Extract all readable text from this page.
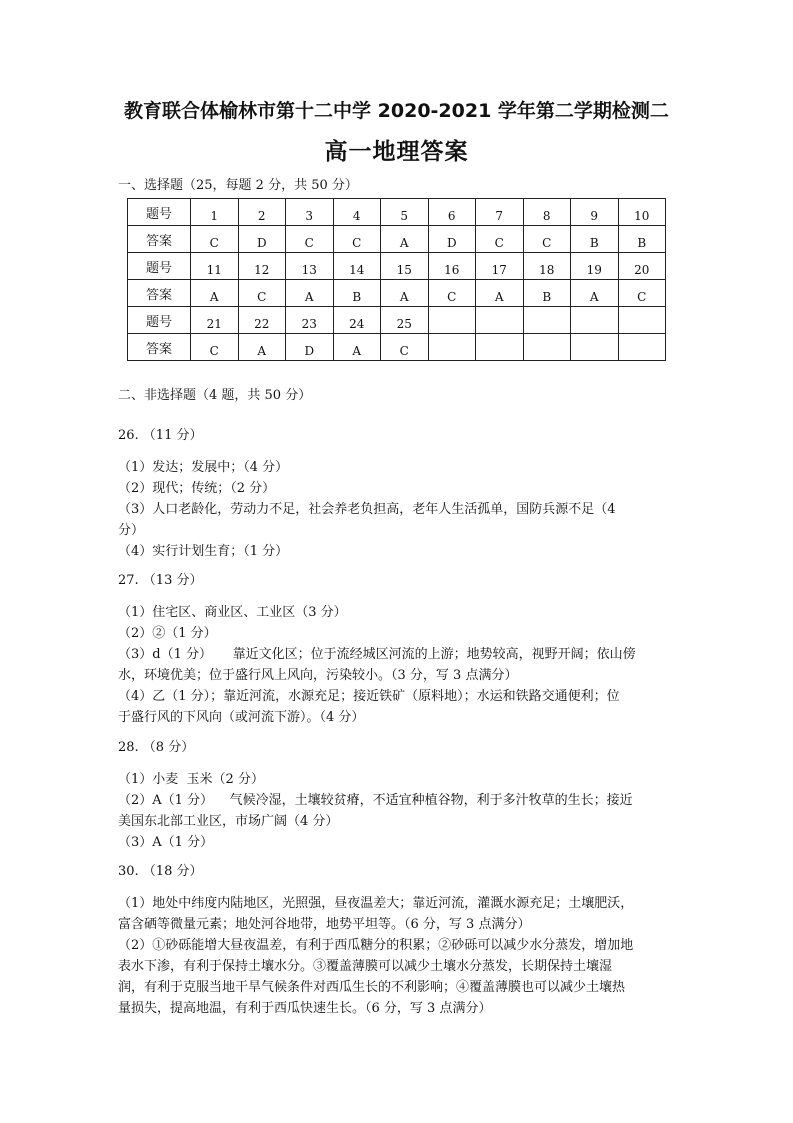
教育联合体榆林市第十二中学 2020-2021 学年第二学期检测二
高一地理答案
一、选择题（25，每题 2 分，共 50 分）
题号	1	2	3	4	5	6	7	8	9	10
答案	C	D	C	C	A	D	C	C	B	B
题号	11	12	13	14	15	16	17	18	19	20
答案	A	C	A	B	A	C	A	B	A	C
题号	21	22	23	24	25					
答案	C	A	D	A	C					
二、非选择题（4 题，共 50 分）
26. （11 分）
（1）发达；发展中；（4 分）
（2）现代；传统；（2 分）
（3）人口老龄化，劳动力不足，社会养老负担高，老年人生活孤单，国防兵源不足（4
分）
（4）实行计划生育；（1 分）
27. （13 分）
（1）住宅区、商业区、工业区（3 分）
（2）②（1 分）
（3）d（1 分）     靠近文化区；位于流经城区河流的上游；地势较高，视野开阔；依山傍
水，环境优美；位于盛行风上风向，污染较小。（3 分，写 3 点满分）
（4）乙（1 分）；靠近河流，水源充足；接近铁矿（原料地）；水运和铁路交通便利；位
于盛行风的下风向（或河流下游）。（4 分）
28. （8 分）
（1）小麦  玉米（2 分）
（2）A（1 分）    气候冷湿，土壤较贫瘠，不适宜种植谷物，利于多汁牧草的生长；接近
美国东北部工业区，市场广阔（4 分）
（3）A（1 分）
30. （18 分）
（1）地处中纬度内陆地区，光照强，昼夜温差大；靠近河流，灌溉水源充足；土壤肥沃，
富含硒等微量元素；地处河谷地带，地势平坦等。（6 分，写 3 点满分）
（2）①砂砾能增大昼夜温差，有利于西瓜糖分的积累；②砂砾可以减少水分蒸发，增加地
表水下渗，有利于保持土壤水分。③覆盖薄膜可以减少土壤水分蒸发，长期保持土壤湿
润，有利于克服当地干旱气候条件对西瓜生长的不利影响；④覆盖薄膜也可以减少土壤热
量损失，提高地温，有利于西瓜快速生长。（6 分，写 3 点满分）
